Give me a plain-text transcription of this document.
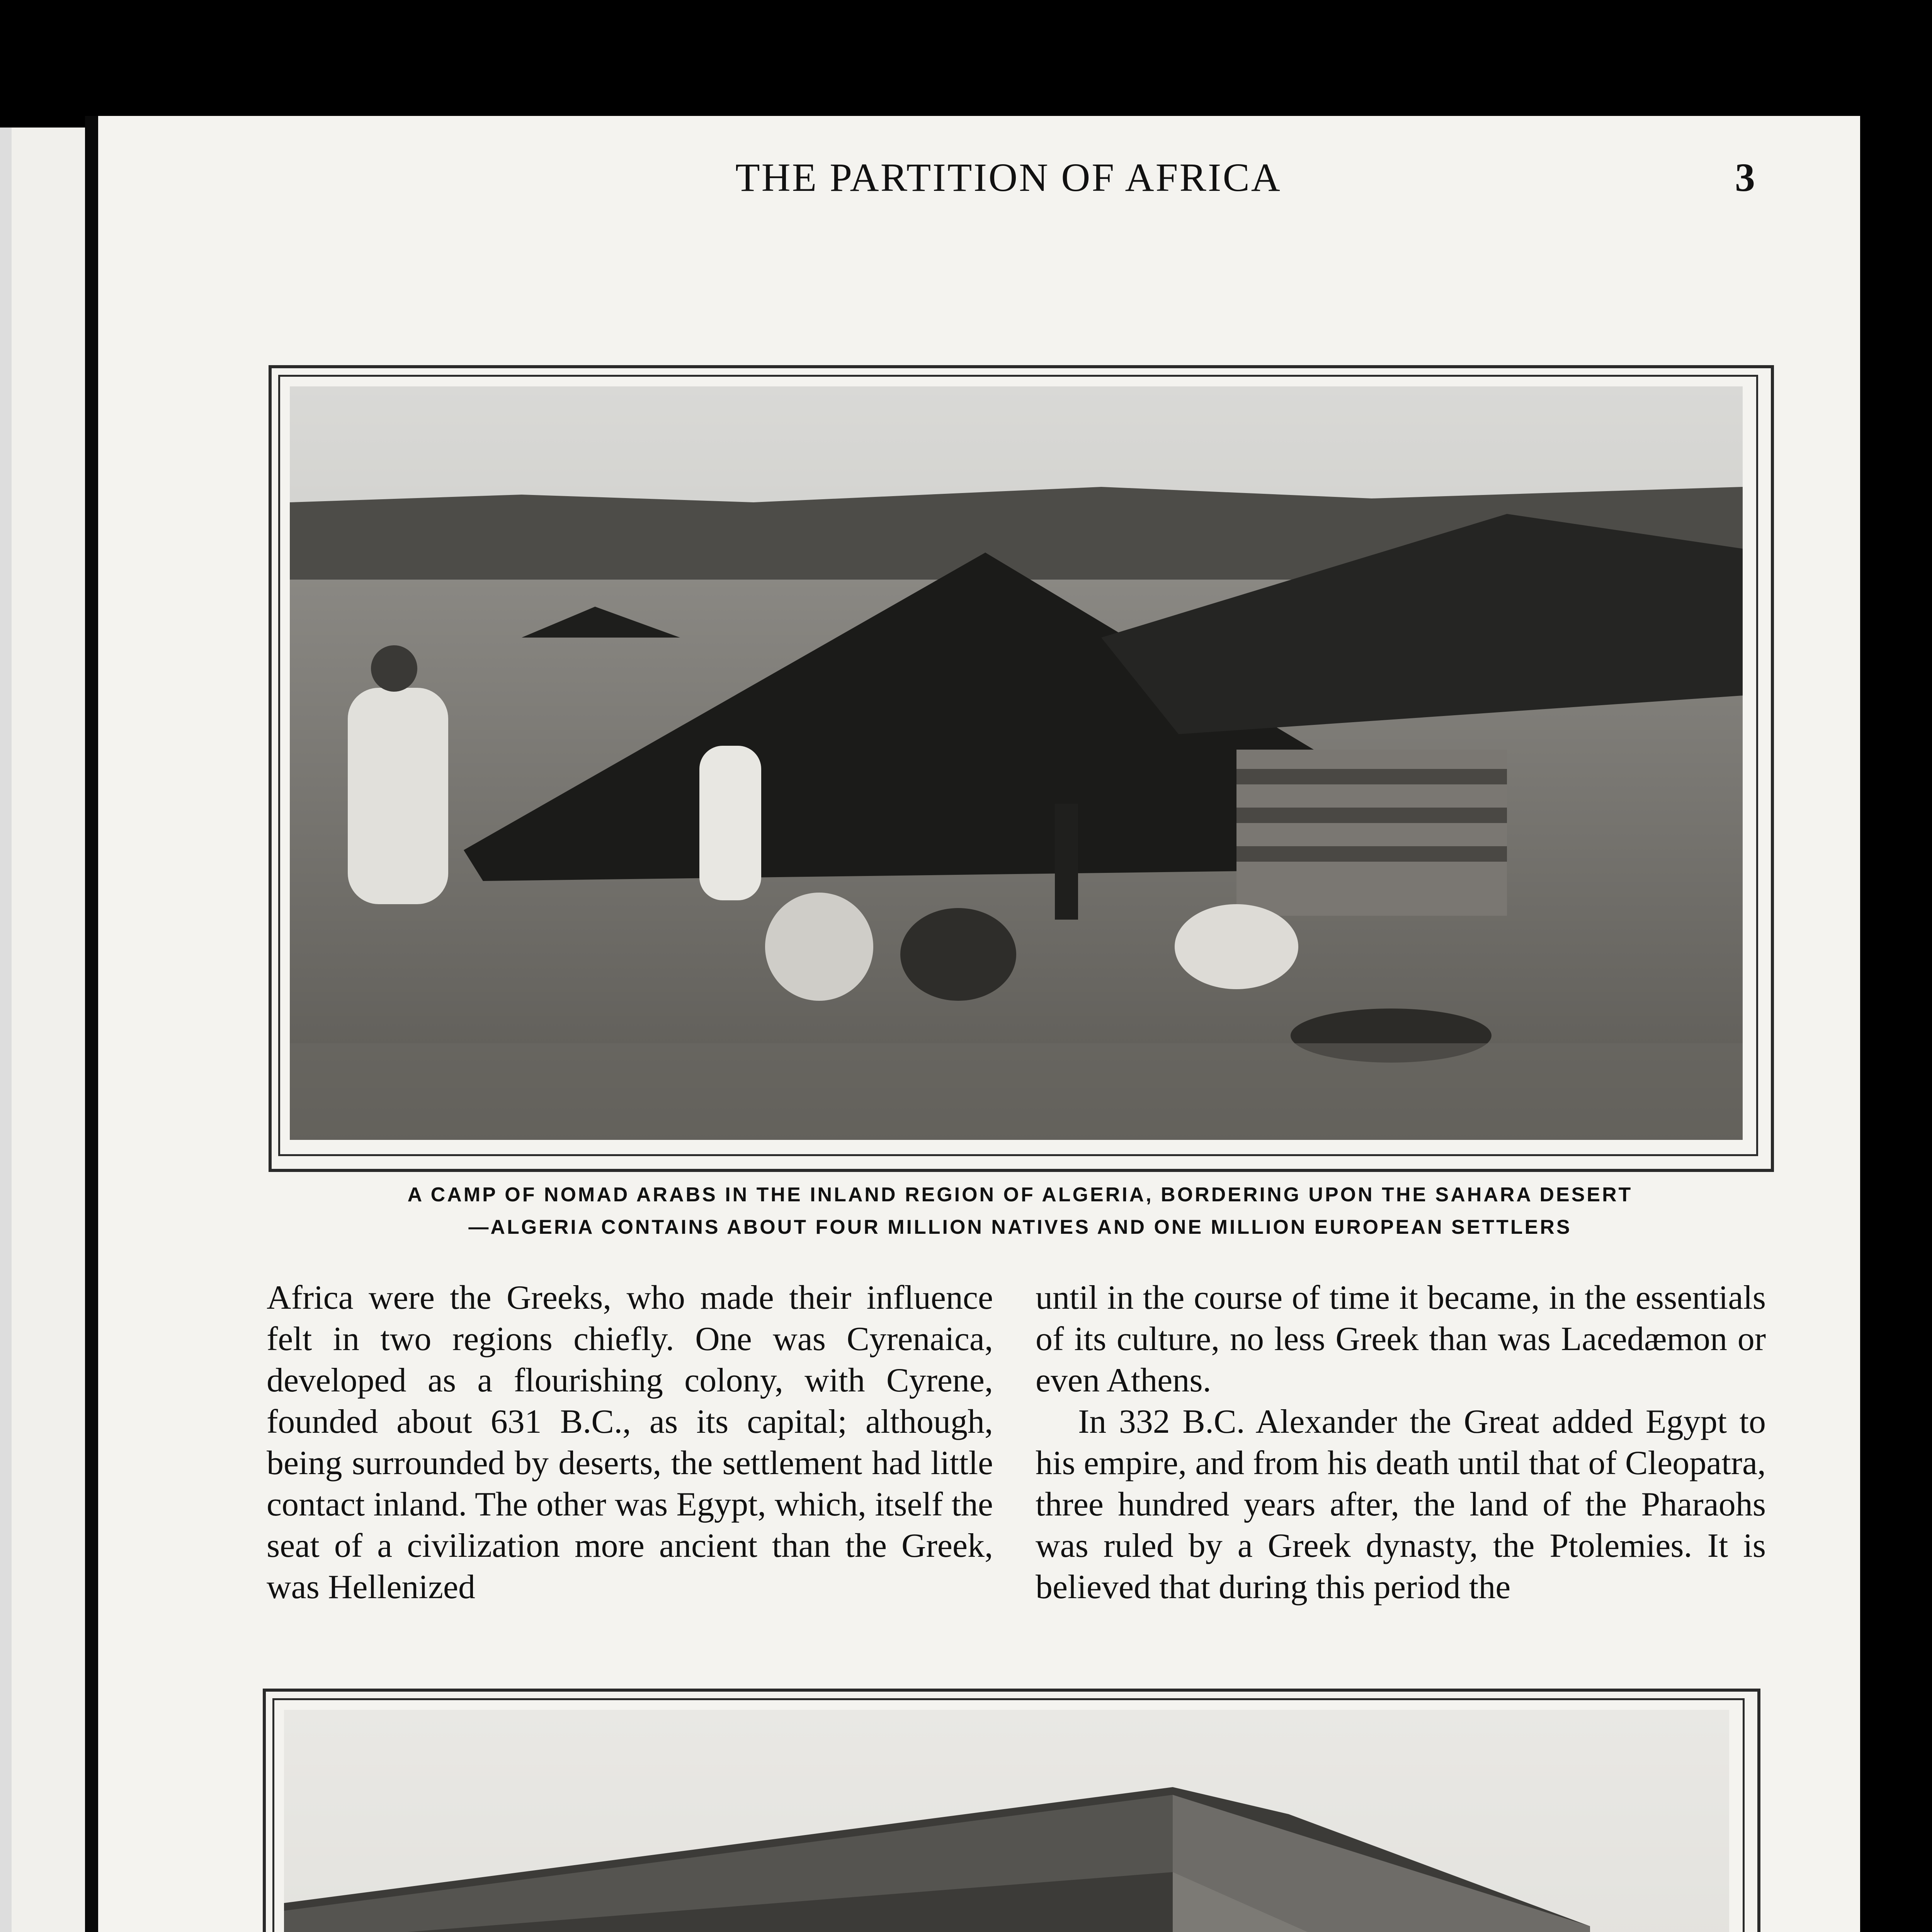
THE PARTITION OF AFRICA	3
A CAMP OF NOMAD ARABS IN THE INLAND REGION OF ALGERIA, BORDERING UPON THE SAHARA DESERT
—ALGERIA CONTAINS ABOUT FOUR MILLION NATIVES AND ONE MILLION EUROPEAN SETTLERS

Africa were the Greeks, who made their influence felt in two regions chiefly. One was Cyrenaica, developed as a flourishing colony, with Cyrene, founded about 631 B.C., as its capital; although, being surrounded by deserts, the settlement had little contact inland. The other was Egypt, which, itself the seat of a civilization more ancient than the Greek, was Hellenized

until in the course of time it became, in the essentials of its culture, no less Greek than was Lacedæmon or even Athens.

In 332 B.C. Alexander the Great added Egypt to his empire, and from his death until that of Cleopatra, three hundred years after, the land of the Pharaohs was ruled by a Greek dynasty, the Ptolemies. It is believed that during this period the
